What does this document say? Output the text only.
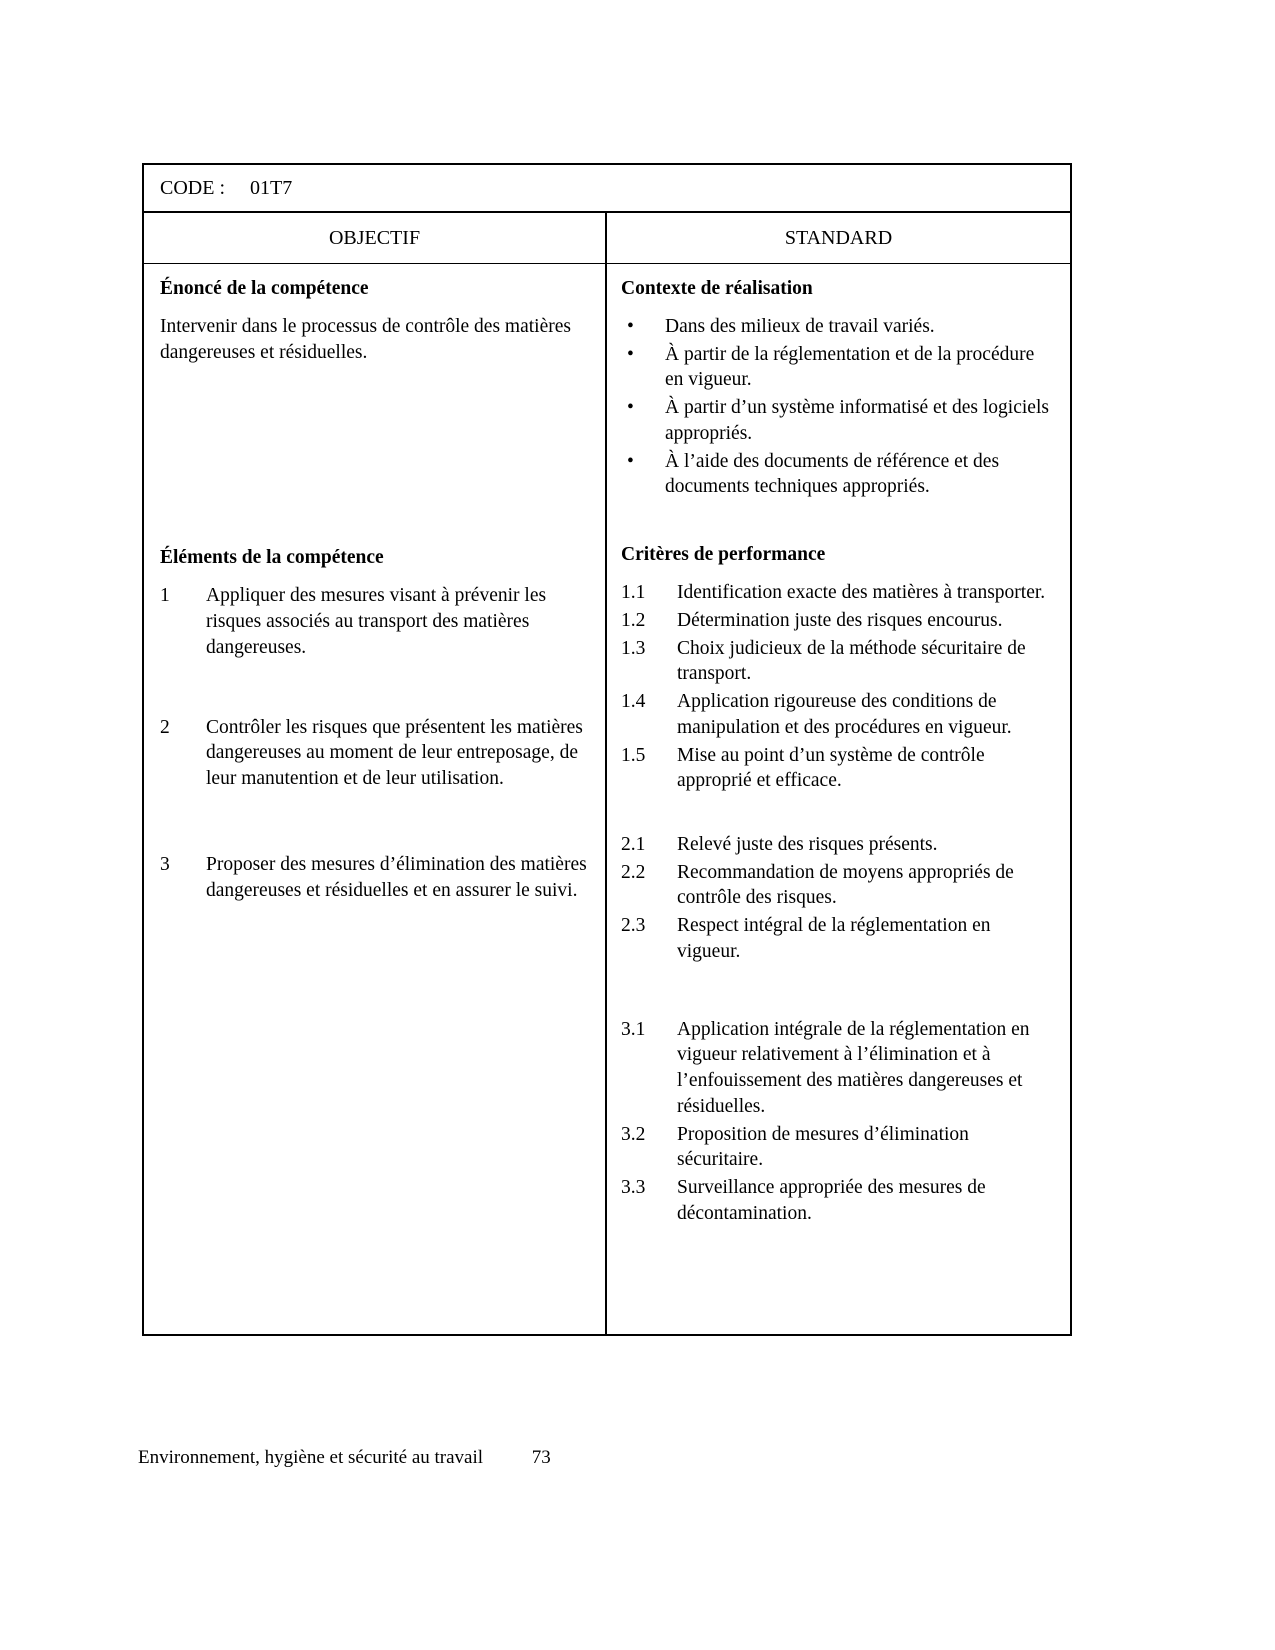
CODE : 01T7
OBJECTIF
Énoncé de la compétence

Intervenir dans le processus de contrôle des matières dangereuses et résiduelles.

Éléments de la compétence
1	Appliquer des mesures visant à prévenir les risques associés au transport des matières dangereuses.
2	Contrôler les risques que présentent les matières dangereuses au moment de leur entreposage, de leur manutention et de leur utilisation.
3	Proposer des mesures d’élimination des matières dangereuses et résiduelles et en assurer le suivi.
STANDARD
Contexte de réalisation
• Dans des milieux de travail variés.
• À partir de la réglementation et de la procédure en vigueur.
• À partir d’un système informatisé et des logiciels appropriés.
• À l’aide des documents de référence et des documents techniques appropriés.
Critères de performance
1.1	Identification exacte des matières à transporter.
1.2	Détermination juste des risques encourus.
1.3	Choix judicieux de la méthode sécuritaire de transport.
1.4	Application rigoureuse des conditions de manipulation et des procédures en vigueur.
1.5	Mise au point d’un système de contrôle approprié et efficace.
2.1	Relevé juste des risques présents.
2.2	Recommandation de moyens appropriés de contrôle des risques.
2.3	Respect intégral de la réglementation en vigueur.
3.1	Application intégrale de la réglementation en vigueur relativement à l’élimination et à l’enfouissement des matières dangereuses et résiduelles.
3.2	Proposition de mesures d’élimination sécuritaire.
3.3	Surveillance appropriée des mesures de décontamination.
Environnement, hygiène et sécurité au travail	73
